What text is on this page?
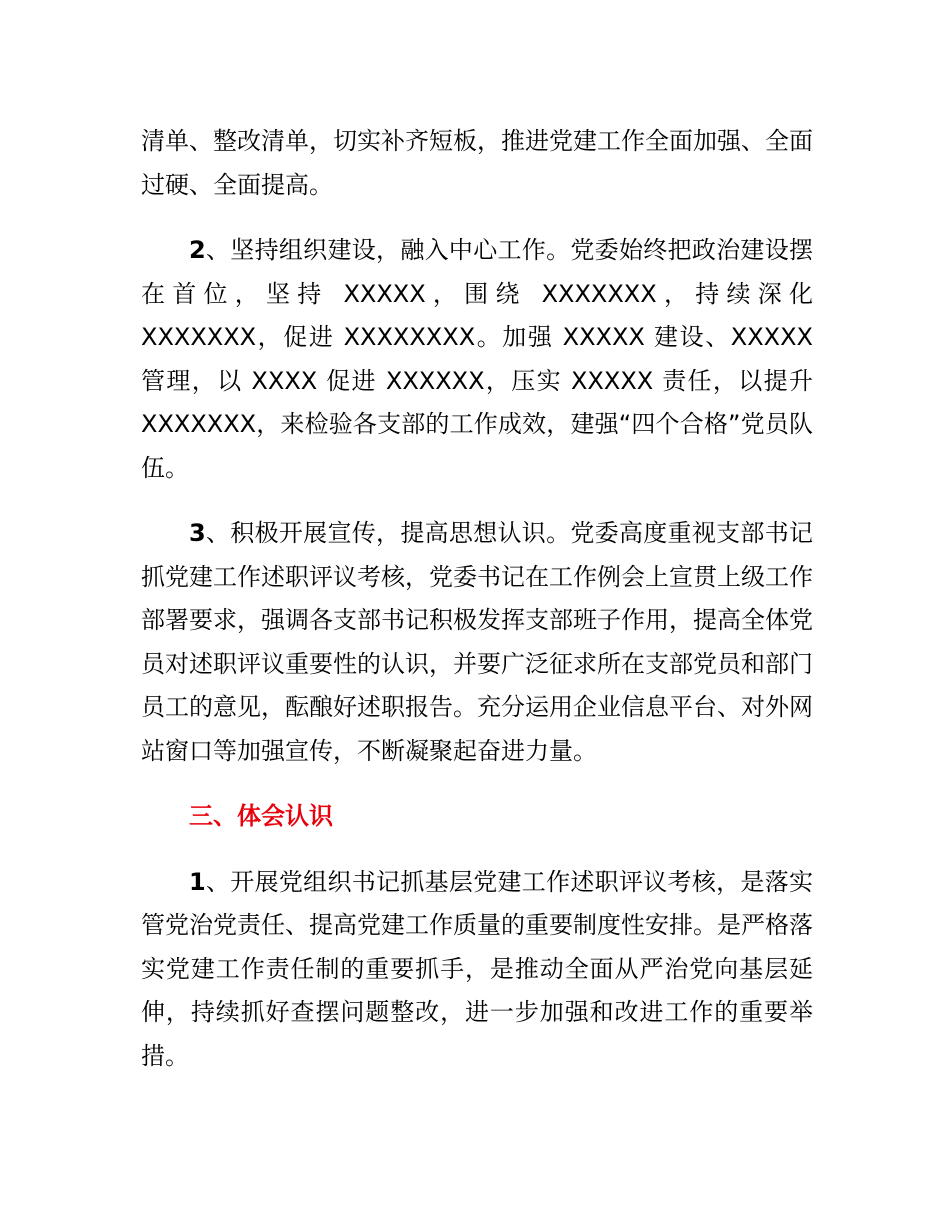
清单、整改清单，切实补齐短板，推进党建工作全面加强、全面过硬、全面提高。

2、坚持组织建设，融入中心工作。党委始终把政治建设摆在首位，坚持 XXXXX，围绕 XXXXXXX，持续深化 XXXXXXX，促进 XXXXXXXX。加强 XXXXX 建设、XXXXX 管理，以 XXXX 促进 XXXXXX，压实 XXXXX 责任，以提升 XXXXXXX，来检验各支部的工作成效，建强“四个合格”党员队伍。

3、积极开展宣传，提高思想认识。党委高度重视支部书记抓党建工作述职评议考核，党委书记在工作例会上宣贯上级工作部署要求，强调各支部书记积极发挥支部班子作用，提高全体党员对述职评议重要性的认识，并要广泛征求所在支部党员和部门员工的意见，酝酿好述职报告。充分运用企业信息平台、对外网站窗口等加强宣传，不断凝聚起奋进力量。

三、体会认识

1、开展党组织书记抓基层党建工作述职评议考核，是落实管党治党责任、提高党建工作质量的重要制度性安排。是严格落实党建工作责任制的重要抓手，是推动全面从严治党向基层延伸，持续抓好查摆问题整改，进一步加强和改进工作的重要举措。
